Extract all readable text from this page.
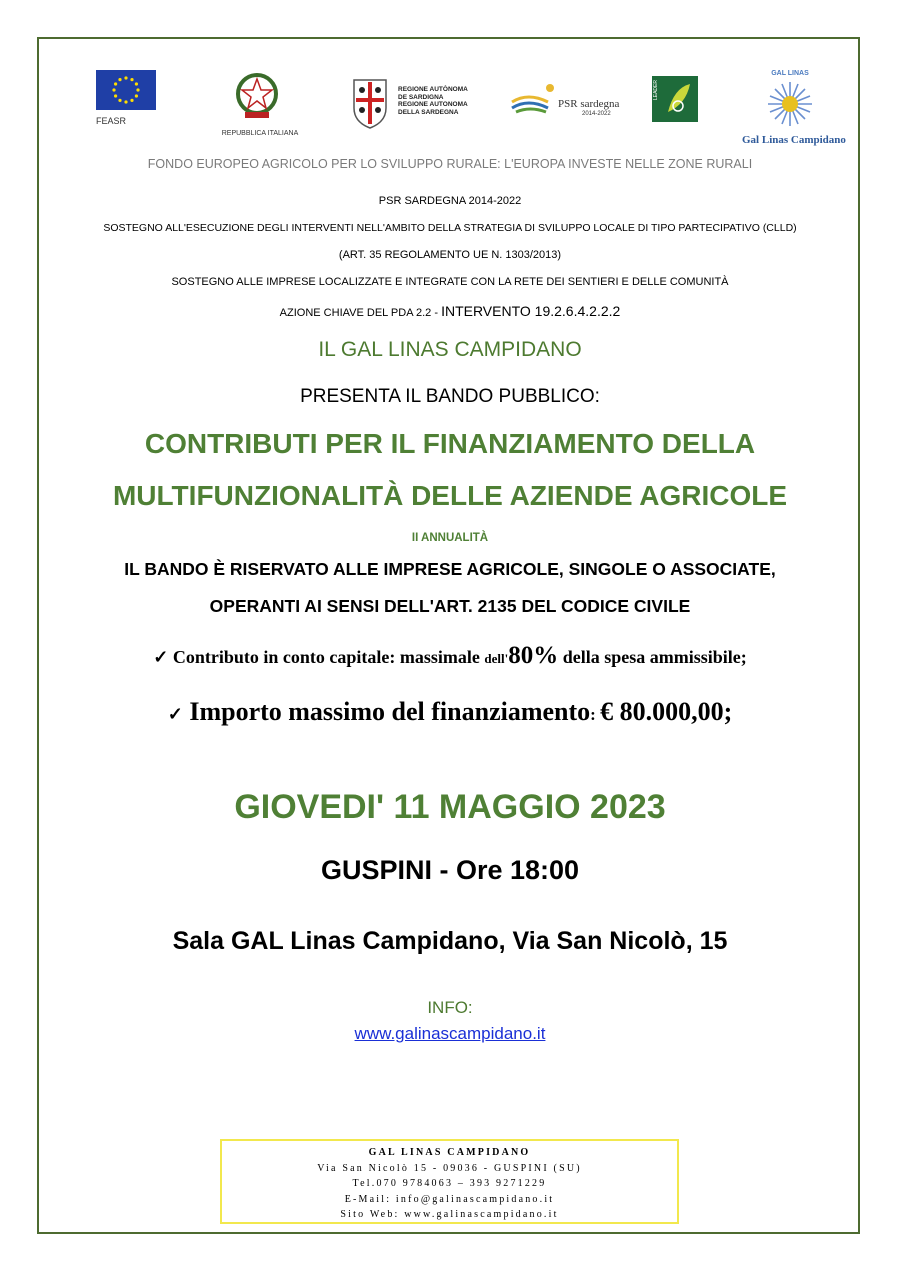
FEASR
REPUBBLICA ITALIANA
REGIONE AUTÒNOMA
DE SARDIGNA
REGIONE AUTONOMA
DELLA SARDEGNA
PSR sardegna
2014-2022
LEADER
GAL LINAS
Gal Linas Campidano
FONDO EUROPEO AGRICOLO PER LO SVILUPPO RURALE: L'EUROPA INVESTE NELLE ZONE RURALI
PSR SARDEGNA 2014-2022
SOSTEGNO ALL'ESECUZIONE DEGLI INTERVENTI NELL'AMBITO DELLA STRATEGIA DI SVILUPPO LOCALE DI TIPO PARTECIPATIVO (CLLD)
(ART. 35 REGOLAMENTO UE N. 1303/2013)
SOSTEGNO ALLE IMPRESE LOCALIZZATE E INTEGRATE CON LA RETE DEI SENTIERI E DELLE COMUNITÀ
AZIONE CHIAVE DEL PDA 2.2 - INTERVENTO 19.2.6.4.2.2.2
IL GAL LINAS CAMPIDANO
PRESENTA IL BANDO PUBBLICO:
CONTRIBUTI PER IL FINANZIAMENTO DELLA
MULTIFUNZIONALITÀ DELLE AZIENDE AGRICOLE
II ANNUALITÀ
IL BANDO È RISERVATO ALLE IMPRESE AGRICOLE, SINGOLE O ASSOCIATE,
OPERANTI AI SENSI DELL'ART. 2135 DEL CODICE CIVILE
✓ Contributo in conto capitale: massimale dell'80% della spesa ammissibile;
✓ Importo massimo del finanziamento: € 80.000,00;
GIOVEDI' 11 MAGGIO 2023
GUSPINI - Ore 18:00
Sala GAL Linas Campidano, Via San Nicolò, 15
INFO:
www.galinascampidano.it
GAL LINAS CAMPIDANO
Via San Nicolò 15 - 09036 - GUSPINI (SU)
Tel.070 9784063 – 393 9271229
E-Mail: info@galinascampidano.it
Sito Web: www.galinascampidano.it
